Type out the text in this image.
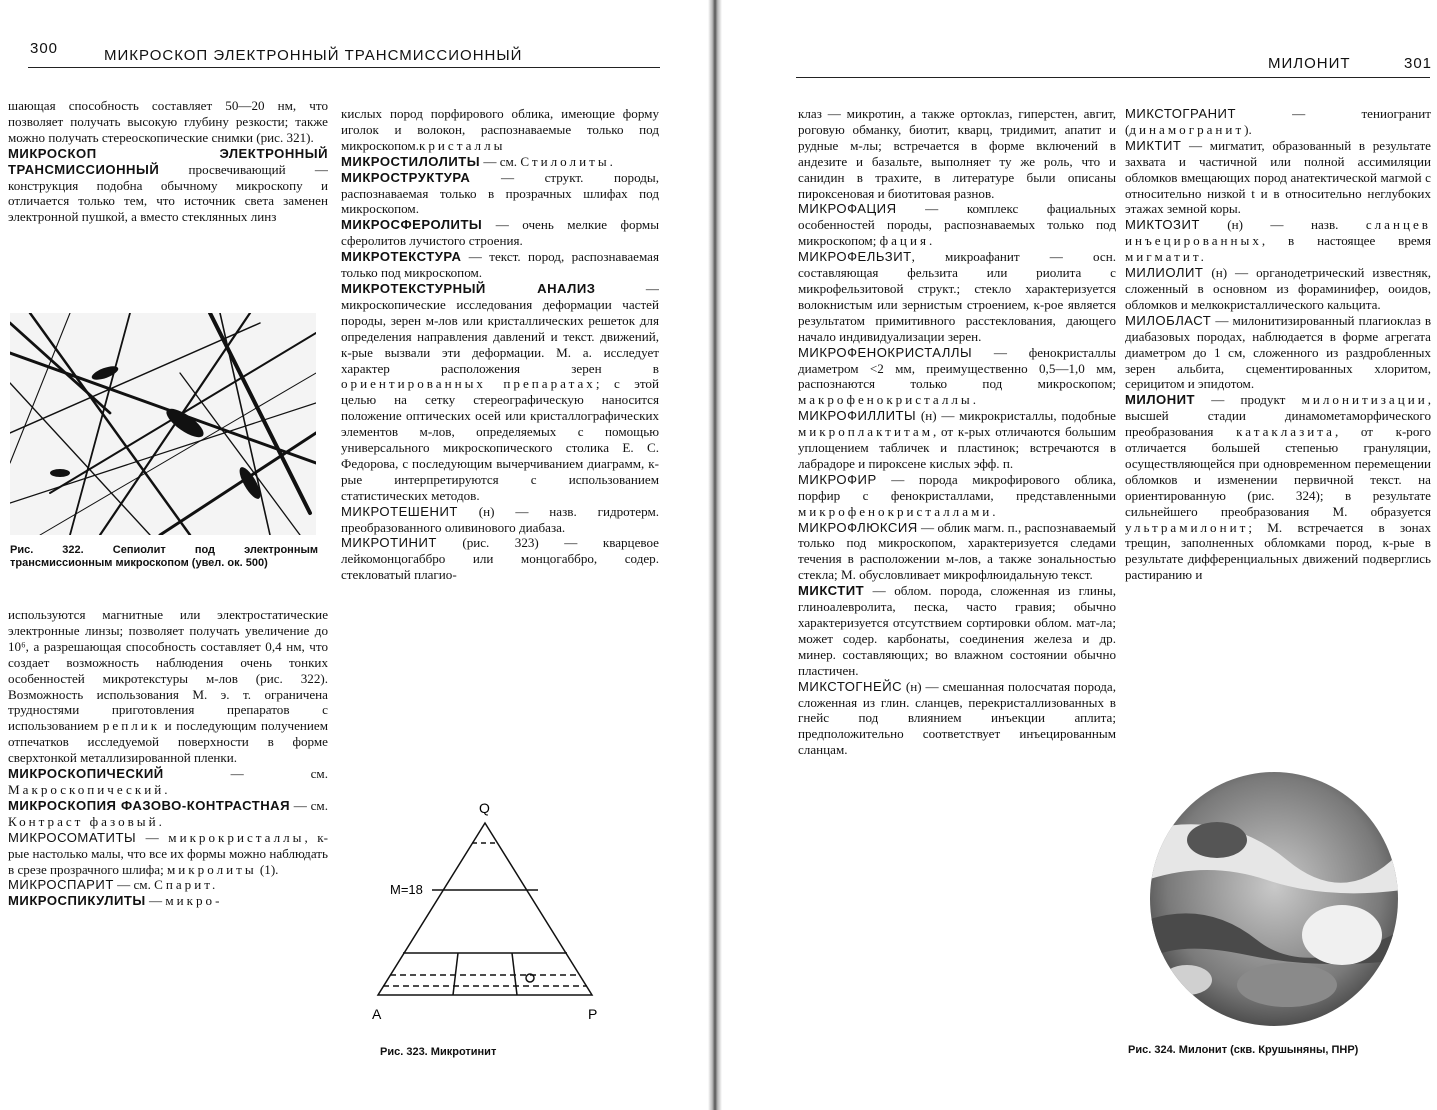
300	МИКРОСКОП ЭЛЕКТРОННЫЙ ТРАНСМИССИОННЫЙ

шающая способность составляет 50—20 нм, что позволяет получать высокую глубину резкости; также можно получать стереоскопические снимки (рис. 321).

МИКРОСКОП ЭЛЕКТРОННЫЙ ТРАНСМИССИОННЫЙ просвечивающий — конструкция подобна обычному микроскопу и отличается только тем, что источник света заменен электронной пушкой, а вместо стеклянных линз

Рис. 322. Сепиолит под электронным трансмиссионным микроскопом (увел. ок. 500)

используются магнитные или электростатические электронные линзы; позволяет получать увеличение до 10⁶, а разрешающая способность составляет 0,4 нм, что создает возможность наблюдения очень тонких особенностей микротекстуры м-лов (рис. 322). Возможность использования М. э. т. ограничена трудностями приготовления препаратов с использованием реплик и последующим получением отпечатков исследуемой поверхности в форме сверхтонкой металлизированной пленки.

МИКРОСКОПИЧЕСКИЙ — см. Макроскопический.

МИКРОСКОПИЯ ФАЗОВО-КОНТРАСТНАЯ — см. Контраст фазовый.

МИКРОСОМАТИТЫ — микрокристаллы, к-рые настолько малы, что все их формы можно наблюдать в срезе прозрачного шлифа; микролиты (1).

МИКРОСПАРИТ — см. Спарит.

МИКРОСПИКУЛИТЫ — микро-

кислых пород порфирового облика, имеющие форму иголок и волокон, распознаваемые только под микроскопом.кристаллы

МИКРОСТИЛОЛИТЫ — см. Стилолиты.

МИКРОСТРУКТУРА — структ. породы, распознаваемая только в прозрачных шлифах под микроскопом.

МИКРОСФЕРОЛИТЫ — очень мелкие формы сферолитов лучистого строения.

МИКРОТЕКСТУРА — текст. пород, распознаваемая только под микроскопом.

МИКРОТЕКСТУРНЫЙ АНАЛИЗ — микроскопические исследования деформации частей породы, зерен м-лов или кристаллических решеток для определения направления давлений и текст. движений, к-рые вызвали эти деформации. М. а. исследует характер расположения зерен в ориентированных препаратах; с этой целью на сетку стереографическую наносится положение оптических осей или кристаллографических элементов м-лов, определяемых с помощью универсального микроскопического столика Е. С. Федорова, с последующим вычерчиванием диаграмм, к-рые интерпретируются с использованием статистических методов.

МИКРОТЕШЕНИТ (н) — назв. гидротерм. преобразованного оливинового диабаза.

МИКРОТИНИТ (рис. 323) — кварцевое лейкомонцогаббро или монцогаббро, содер. стекловатый плагио-

Q
A	P
M=18
Рис. 323. Микротинит
МИЛОНИТ	301

клаз — микротин, а также ортоклаз, гиперстен, авгит, роговую обманку, биотит, кварц, тридимит, апатит и рудные м-лы; встречается в форме включений в андезите и базальте, выполняет ту же роль, что и санидин в трахите, в литературе были описаны пироксеновая и биотитовая разнов.

МИКРОФАЦИЯ — комплекс фациальных особенностей породы, распознаваемых только под микроскопом; фация.

МИКРОФЕЛЬЗИТ, микроафанит — осн. составляющая фельзита или риолита с микрофельзитовой структ.; стекло характеризуется волокнистым или зернистым строением, к-рое является результатом примитивного расстеклования, дающего начало индивидуализации зерен.

МИКРОФЕНОКРИСТАЛЛЫ — фенокристаллы диаметром <2 мм, преимущественно 0,5—1,0 мм, распознаются только под микроскопом; макрофенокристаллы.

МИКРОФИЛЛИТЫ (н) — микрокристаллы, подобные микроплактитам, от к-рых отличаются большим уплощением табличек и пластинок; встречаются в лабрадоре и пироксене кислых эфф. п.

МИКРОФИР — порода микрофирового облика, порфир с фенокристаллами, представленными микрофенокристаллами.

МИКРОФЛЮКСИЯ — облик магм. п., распознаваемый только под микроскопом, характеризуется следами течения в расположении м-лов, а также зональностью стекла; М. обусловливает микрофлюидальную текст.

МИКСТИТ — облом. порода, сложенная из глины, глиноалевролита, песка, часто гравия; обычно характеризуется отсутствием сортировки облом. мат-ла; может содер. карбонаты, соединения железа и др. минер. составляющих; во влажном состоянии обычно пластичен.

МИКСТОГНЕЙС (н) — смешанная полосчатая порода, сложенная из глин. сланцев, перекристаллизованных в гнейс под влиянием инъекции аплита; предположительно соответствует инъецированным сланцам.

МИКСТОГРАНИТ — тениогранит (динамогранит).

МИКТИТ — мигматит, образованный в результате захвата и частичной или полной ассимиляции обломков вмещающих пород анатектической магмой с относительно низкой t и в относительно неглубоких этажах земной коры.

МИКТОЗИТ (н) — назв. сланцев инъецированных, в настоящее время мигматит.

МИЛИОЛИТ (н) — органодетрический известняк, сложенный в основном из фораминифер, ооидов, обломков и мелкокристаллического кальцита.

МИЛОБЛАСТ — милонитизированный плагиоклаз в диабазовых породах, наблюдается в форме агрегата диаметром до 1 см, сложенного из раздробленных зерен альбита, сцементированных хлоритом, серицитом и эпидотом.

МИЛОНИТ — продукт милонитизации, высшей стадии динамометаморфического преобразования катаклазита, от к-рого отличается большей степенью грануляции, осуществляющейся при одновременном перемещении обломков и изменении первичной текст. на ориентированную (рис. 324); в результате сильнейшего преобразования М. образуется ультрамилонит; М. встречается в зонах трещин, заполненных обломками пород, к-рые в результате дифференциальных движений подверглись растиранию и

Рис. 324. Милонит (скв. Крушыняны, ПНР)
